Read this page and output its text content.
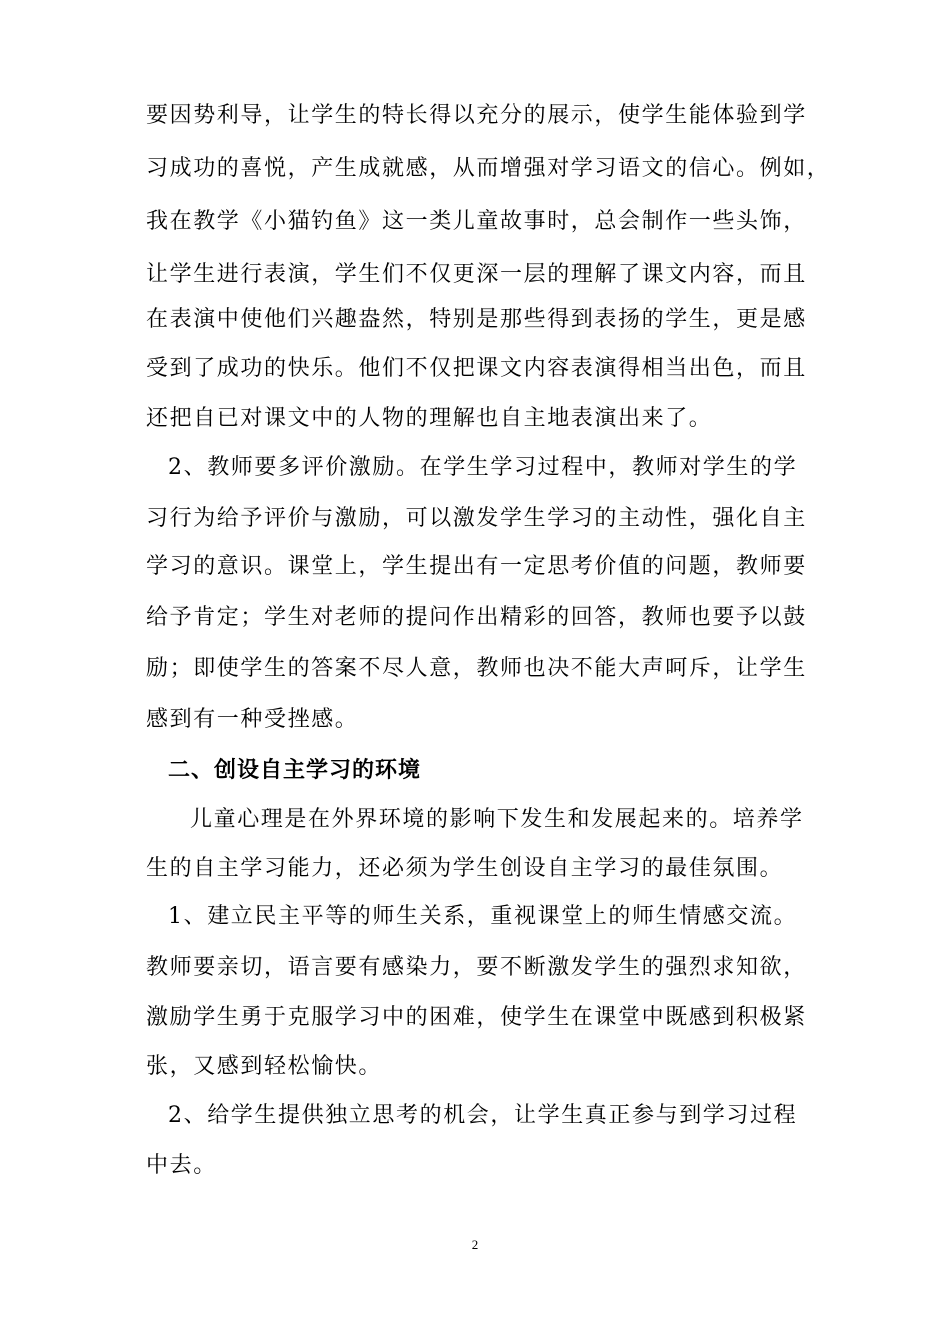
要因势利导，让学生的特长得以充分的展示，使学生能体验到学
习成功的喜悦，产生成就感，从而增强对学习语文的信心。例如，
我在教学《小猫钓鱼》这一类儿童故事时，总会制作一些头饰，
让学生进行表演，学生们不仅更深一层的理解了课文内容，而且
在表演中使他们兴趣盎然，特别是那些得到表扬的学生，更是感
受到了成功的快乐。他们不仅把课文内容表演得相当出色，而且
还把自已对课文中的人物的理解也自主地表演出来了。
2、教师要多评价激励。在学生学习过程中，教师对学生的学
习行为给予评价与激励，可以激发学生学习的主动性，强化自主
学习的意识。课堂上，学生提出有一定思考价值的问题，教师要
给予肯定；学生对老师的提问作出精彩的回答，教师也要予以鼓
励；即使学生的答案不尽人意，教师也决不能大声呵斥，让学生
感到有一种受挫感。
二、创设自主学习的环境
儿童心理是在外界环境的影响下发生和发展起来的。培养学
生的自主学习能力，还必须为学生创设自主学习的最佳氛围。
1、建立民主平等的师生关系，重视课堂上的师生情感交流。
教师要亲切，语言要有感染力，要不断激发学生的强烈求知欲，
激励学生勇于克服学习中的困难，使学生在课堂中既感到积极紧
张，又感到轻松愉快。
2、给学生提供独立思考的机会，让学生真正参与到学习过程
中去。
2
